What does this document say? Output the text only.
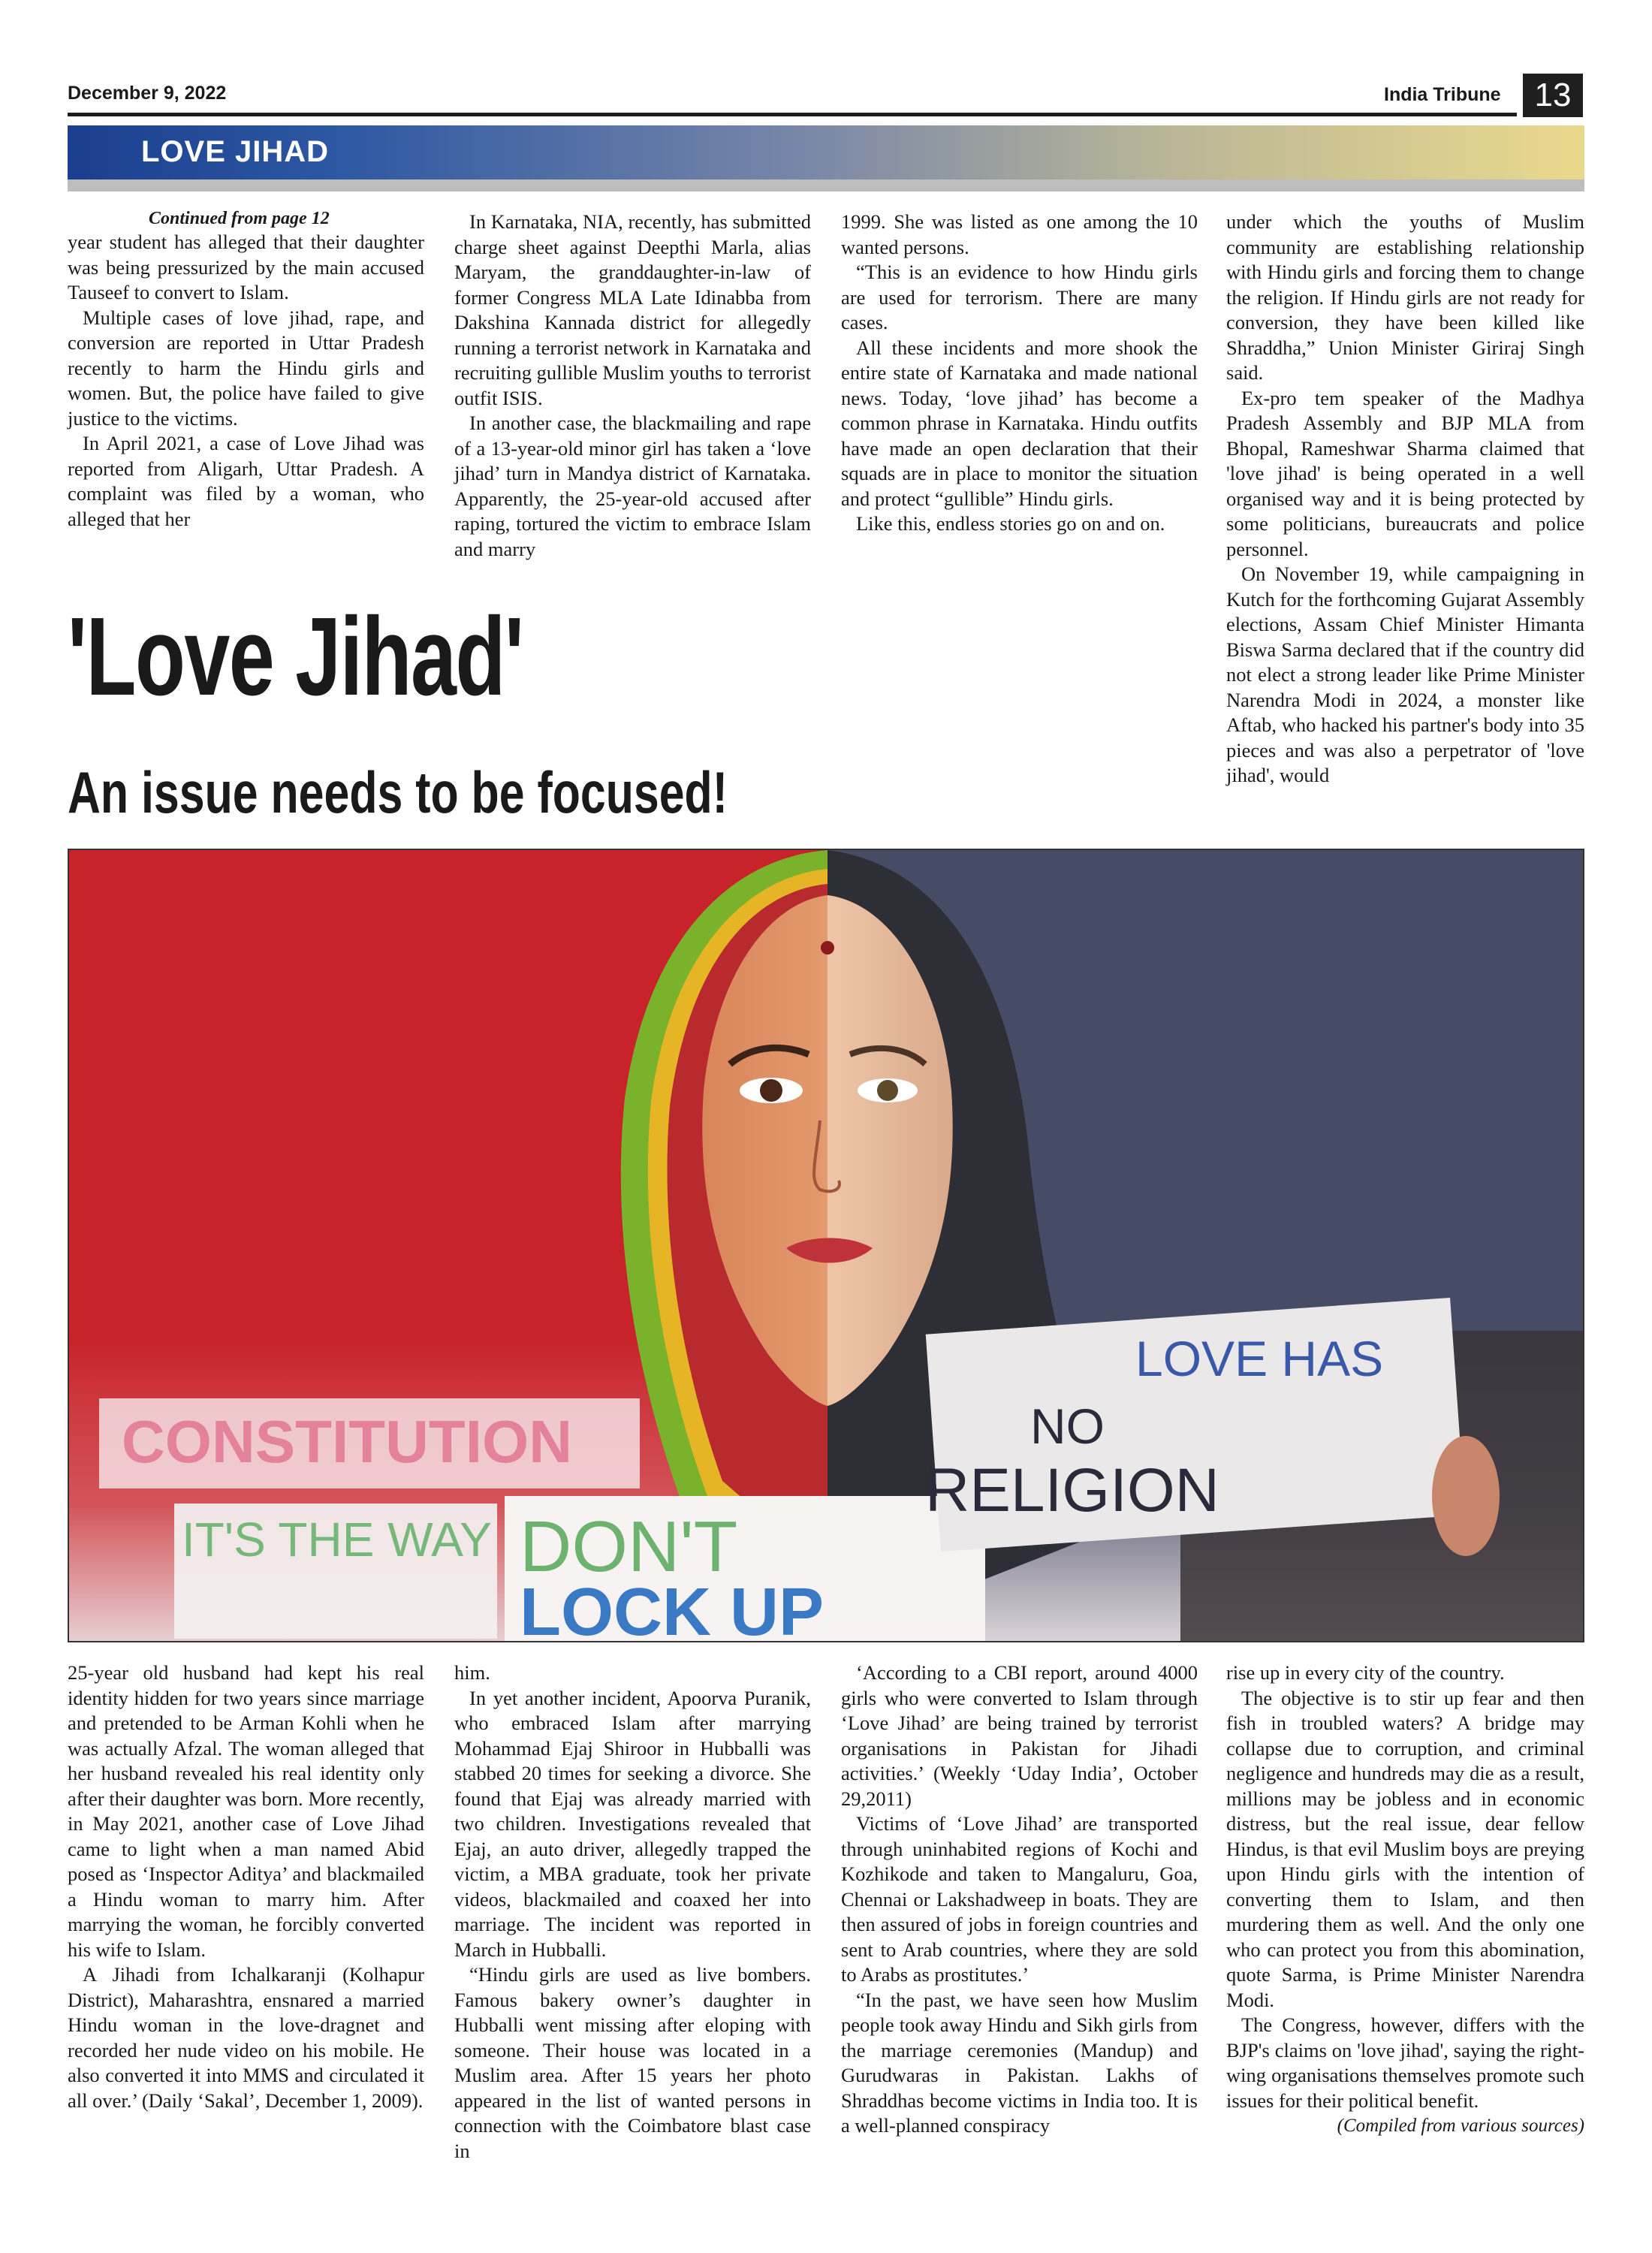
December 9, 2022	India Tribune	13
LOVE JIHAD
Continued from page 12

year student has alleged that their daughter was being pressurized by the main accused Tauseef to convert to Islam.

Multiple cases of love jihad, rape, and conversion are reported in Uttar Pradesh recently to harm the Hindu girls and women. But, the police have failed to give justice to the victims.

In April 2021, a case of Love Jihad was reported from Aligarh, Uttar Pradesh. A complaint was filed by a woman, who alleged that her

In Karnataka, NIA, recently, has submitted charge sheet against Deepthi Marla, alias Maryam, the granddaughter-in-law of former Congress MLA Late Idinabba from Dakshina Kannada district for allegedly running a terrorist network in Karnataka and recruiting gullible Muslim youths to terrorist outfit ISIS.

In another case, the blackmailing and rape of a 13-year-old minor girl has taken a ‘love jihad’ turn in Mandya district of Karnataka. Apparently, the 25-year-old accused after raping, tortured the victim to embrace Islam and marry

1999. She was listed as one among the 10 wanted persons.

“This is an evidence to how Hindu girls are used for terrorism. There are many cases.

All these incidents and more shook the entire state of Karnataka and made national news. Today, ‘love jihad’ has become a common phrase in Karnataka. Hindu outfits have made an open declaration that their squads are in place to monitor the situation and protect “gullible” Hindu girls.

Like this, endless stories go on and on.

under which the youths of Muslim community are establishing relationship with Hindu girls and forcing them to change the religion. If Hindu girls are not ready for conversion, they have been killed like Shraddha,” Union Minister Giriraj Singh said.

Ex-pro tem speaker of the Madhya Pradesh Assembly and BJP MLA from Bhopal, Rameshwar Sharma claimed that 'love jihad' is being operated in a well organised way and it is being protected by some politicians, bureaucrats and police personnel.

On November 19, while campaigning in Kutch for the forthcoming Gujarat Assembly elections, Assam Chief Minister Himanta Biswa Sarma declared that if the country did not elect a strong leader like Prime Minister Narendra Modi in 2024, a monster like Aftab, who hacked his partner's body into 35 pieces and was also a perpetrator of 'love jihad', would

'Love Jihad'
An issue needs to be focused!
CONSTITUTION
IT'S THE WAY DON'T
LOCK UP
LOVE HAS
NO
RELIGION

25-year old husband had kept his real identity hidden for two years since marriage and pretended to be Arman Kohli when he was actually Afzal. The woman alleged that her husband revealed his real identity only after their daughter was born. More recently, in May 2021, another case of Love Jihad came to light when a man named Abid posed as ‘Inspector Aditya’ and blackmailed a Hindu woman to marry him. After marrying the woman, he forcibly converted his wife to Islam.

A Jihadi from Ichalkaranji (Kolhapur District), Maharashtra, ensnared a married Hindu woman in the love-dragnet and recorded her nude video on his mobile. He also converted it into MMS and circulated it all over.’ (Daily ‘Sakal’, December 1, 2009).

him.

In yet another incident, Apoorva Puranik, who embraced Islam after marrying Mohammad Ejaj Shiroor in Hubballi was stabbed 20 times for seeking a divorce. She found that Ejaj was already married with two children. Investigations revealed that Ejaj, an auto driver, allegedly trapped the victim, a MBA graduate, took her private videos, blackmailed and coaxed her into marriage. The incident was reported in March in Hubballi.

“Hindu girls are used as live bombers. Famous bakery owner’s daughter in Hubballi went missing after eloping with someone. Their house was located in a Muslim area. After 15 years her photo appeared in the list of wanted persons in connection with the Coimbatore blast case in

‘According to a CBI report, around 4000 girls who were converted to Islam through ‘Love Jihad’ are being trained by terrorist organisations in Pakistan for Jihadi activities.’ (Weekly ‘Uday India’, October 29,2011)

Victims of ‘Love Jihad’ are transported through uninhabited regions of Kochi and Kozhikode and taken to Mangaluru, Goa, Chennai or Lakshadweep in boats. They are then assured of jobs in foreign countries and sent to Arab countries, where they are sold to Arabs as prostitutes.’

“In the past, we have seen how Muslim people took away Hindu and Sikh girls from the marriage ceremonies (Mandup) and Gurudwaras in Pakistan. Lakhs of Shraddhas become victims in India too. It is a well-planned conspiracy

rise up in every city of the country.

The objective is to stir up fear and then fish in troubled waters? A bridge may collapse due to corruption, and criminal negligence and hundreds may die as a result, millions may be jobless and in economic distress, but the real issue, dear fellow Hindus, is that evil Muslim boys are preying upon Hindu girls with the intention of converting them to Islam, and then murdering them as well. And the only one who can protect you from this abomination, quote Sarma, is Prime Minister Narendra Modi.

The Congress, however, differs with the BJP's claims on 'love jihad', saying the right-wing organisations themselves promote such issues for their political benefit.

(Compiled from various sources)
